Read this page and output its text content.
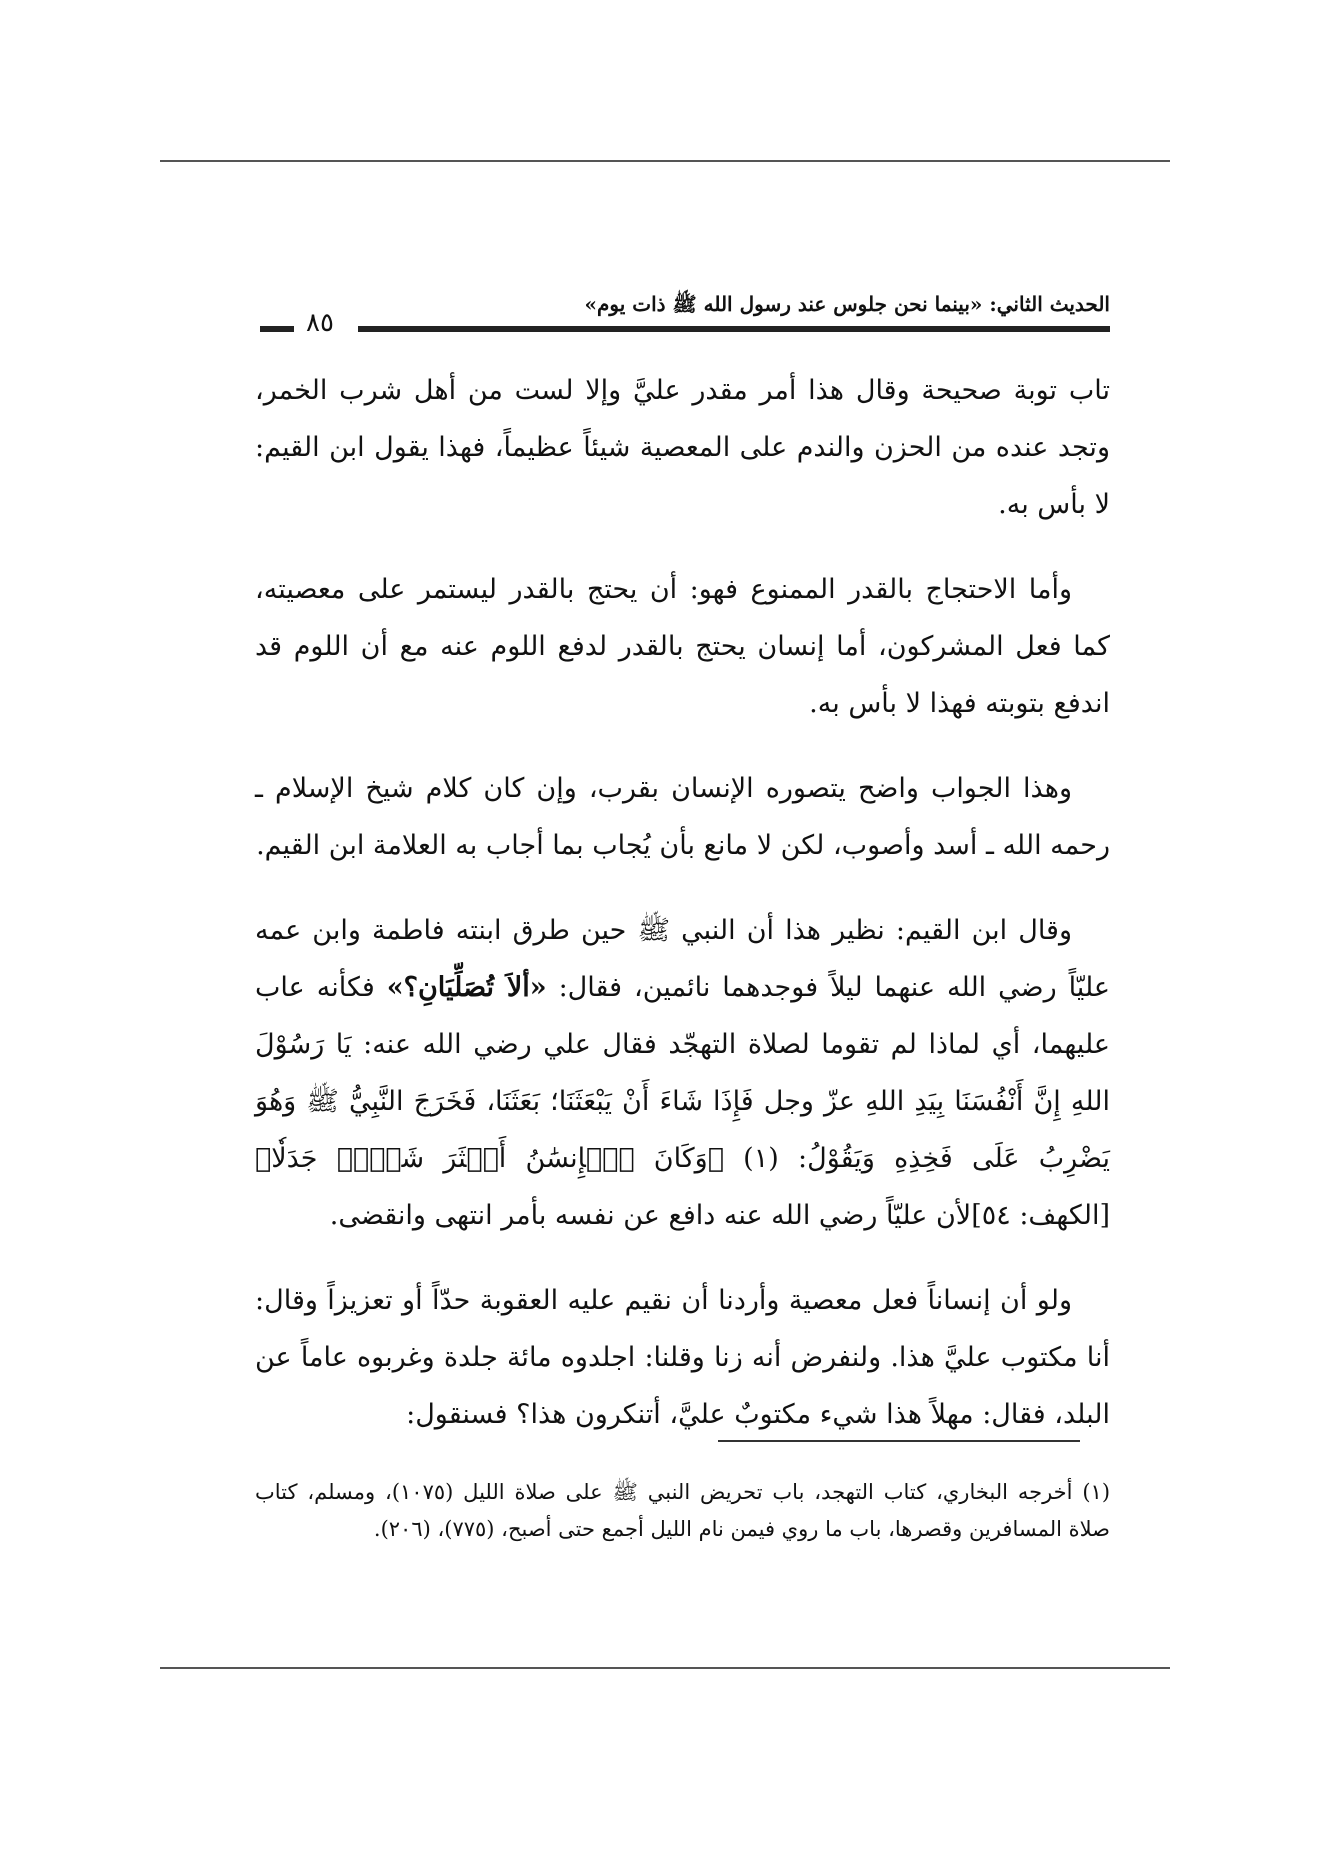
الحديث الثاني: «بينما نحن جلوس عند رسول الله ﷺ ذات يوم»
٨٥

تاب توبة صحيحة وقال هذا أمر مقدر عليَّ وإلا لست من أهل شرب الخمر، وتجد عنده من الحزن والندم على المعصية شيئاً عظيماً، فهذا يقول ابن القيم: لا بأس به.

وأما الاحتجاج بالقدر الممنوع فهو: أن يحتج بالقدر ليستمر على معصيته، كما فعل المشركون، أما إنسان يحتج بالقدر لدفع اللوم عنه مع أن اللوم قد اندفع بتوبته فهذا لا بأس به.

وهذا الجواب واضح يتصوره الإنسان بقرب، وإن كان كلام شيخ الإسلام ـ رحمه الله ـ أسد وأصوب، لكن لا مانع بأن يُجاب بما أجاب به العلامة ابن القيم.

وقال ابن القيم: نظير هذا أن النبي ﷺ حين طرق ابنته فاطمة وابن عمه عليّاً رضي الله عنهما ليلاً فوجدهما نائمين، فقال: «ألاَ تُصَلِّيَانِ؟» فكأنه عاب عليهما، أي لماذا لم تقوما لصلاة التهجّد فقال علي رضي الله عنه: يَا رَسُوْلَ اللهِ إِنَّ أَنْفُسَنَا بِيَدِ اللهِ عزّ وجل فَإِذَا شَاءَ أَنْ يَبْعَثَنَا؛ بَعَثَنَا، فَخَرَجَ النَّبِيُّ ﷺ وَهُوَ يَضْرِبُ عَلَى فَخِذِهِ وَيَقُوْلُ: (١) ﴿وَكَانَ ٱلۡإِنسَٰنُ أَكۡثَرَ شَيۡءٖ جَدَلٗا﴾ [الكهف: ٥٤]لأن عليّاً رضي الله عنه دافع عن نفسه بأمر انتهى وانقضى.

ولو أن إنساناً فعل معصية وأردنا أن نقيم عليه العقوبة حدّاً أو تعزيزاً وقال: أنا مكتوب عليَّ هذا. ولنفرض أنه زنا وقلنا: اجلدوه مائة جلدة وغربوه عاماً عن البلد، فقال: مهلاً هذا شيء مكتوبٌ عليَّ، أتنكرون هذا؟ فسنقول:

(١) أخرجه البخاري، كتاب التهجد، باب تحريض النبي ﷺ على صلاة الليل (١٠٧٥)، ومسلم، كتاب صلاة المسافرين وقصرها، باب ما روي فيمن نام الليل أجمع حتى أصبح، (٧٧٥)، (٢٠٦).
